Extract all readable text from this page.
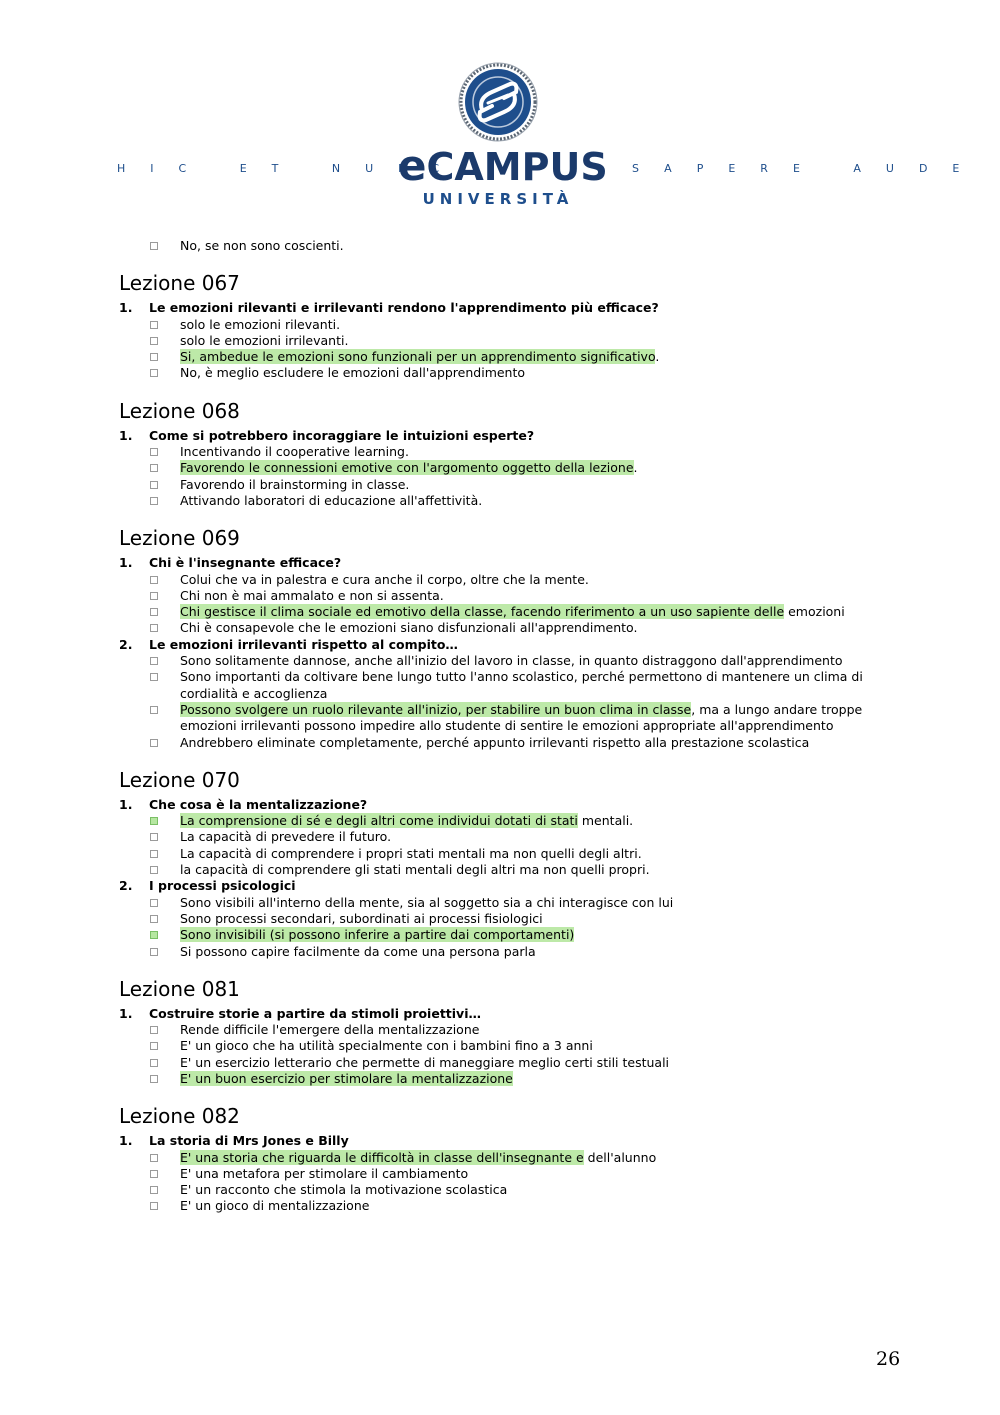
HIC ET NUNC
eCAMPUS SAPERE AUDE
UNIVERSITÀ
No, se non sono coscienti.
Lezione 067
1.	Le emozioni rilevanti e irrilevanti rendono l'apprendimento più efficace?
solo le emozioni rilevanti.
solo le emozioni irrilevanti.
Si, ambedue le emozioni sono funzionali per un apprendimento significativo.
No, è meglio escludere le emozioni dall'apprendimento
Lezione 068
1.	Come si potrebbero incoraggiare le intuizioni esperte?
Incentivando il cooperative learning.
Favorendo le connessioni emotive con l'argomento oggetto della lezione.
Favorendo il brainstorming in classe.
Attivando laboratori di educazione all'affettività.
Lezione 069
1.	Chi è l'insegnante efficace?
Colui che va in palestra e cura anche il corpo, oltre che la mente.
Chi non è mai ammalato e non si assenta.
Chi gestisce il clima sociale ed emotivo della classe, facendo riferimento a un uso sapiente delle emozioni
Chi è consapevole che le emozioni siano disfunzionali all'apprendimento.
2.	Le emozioni irrilevanti rispetto al compito…
Sono solitamente dannose, anche all'inizio del lavoro in classe, in quanto distraggono dall'apprendimento
Sono importanti da coltivare bene lungo tutto l'anno scolastico, perché permettono di mantenere un clima di cordialità e accoglienza
Possono svolgere un ruolo rilevante all'inizio, per stabilire un buon clima in classe, ma a lungo andare troppe emozioni irrilevanti possono impedire allo studente di sentire le emozioni appropriate all'apprendimento
Andrebbero eliminate completamente, perché appunto irrilevanti rispetto alla prestazione scolastica
Lezione 070
1.	Che cosa è la mentalizzazione?
La comprensione di sé e degli altri come individui dotati di stati mentali.
La capacità di prevedere il futuro.
La capacità di comprendere i propri stati mentali ma non quelli degli altri.
la capacità di comprendere gli stati mentali degli altri ma non quelli propri.
2.	I processi psicologici
Sono visibili all'interno della mente, sia al soggetto sia a chi interagisce con lui
Sono processi secondari, subordinati ai processi fisiologici
Sono invisibili (si possono inferire a partire dai comportamenti)
Si possono capire facilmente da come una persona parla
Lezione 081
1.	Costruire storie a partire da stimoli proiettivi…
Rende difficile l'emergere della mentalizzazione
E' un gioco che ha utilità specialmente con i bambini fino a 3 anni
E' un esercizio letterario che permette di maneggiare meglio certi stili testuali
E' un buon esercizio per stimolare la mentalizzazione
Lezione 082
1.	La storia di Mrs Jones e Billy
E' una storia che riguarda le difficoltà in classe dell'insegnante e dell'alunno
E' una metafora per stimolare il cambiamento
E' un racconto che stimola la motivazione scolastica
E' un gioco di mentalizzazione
26
